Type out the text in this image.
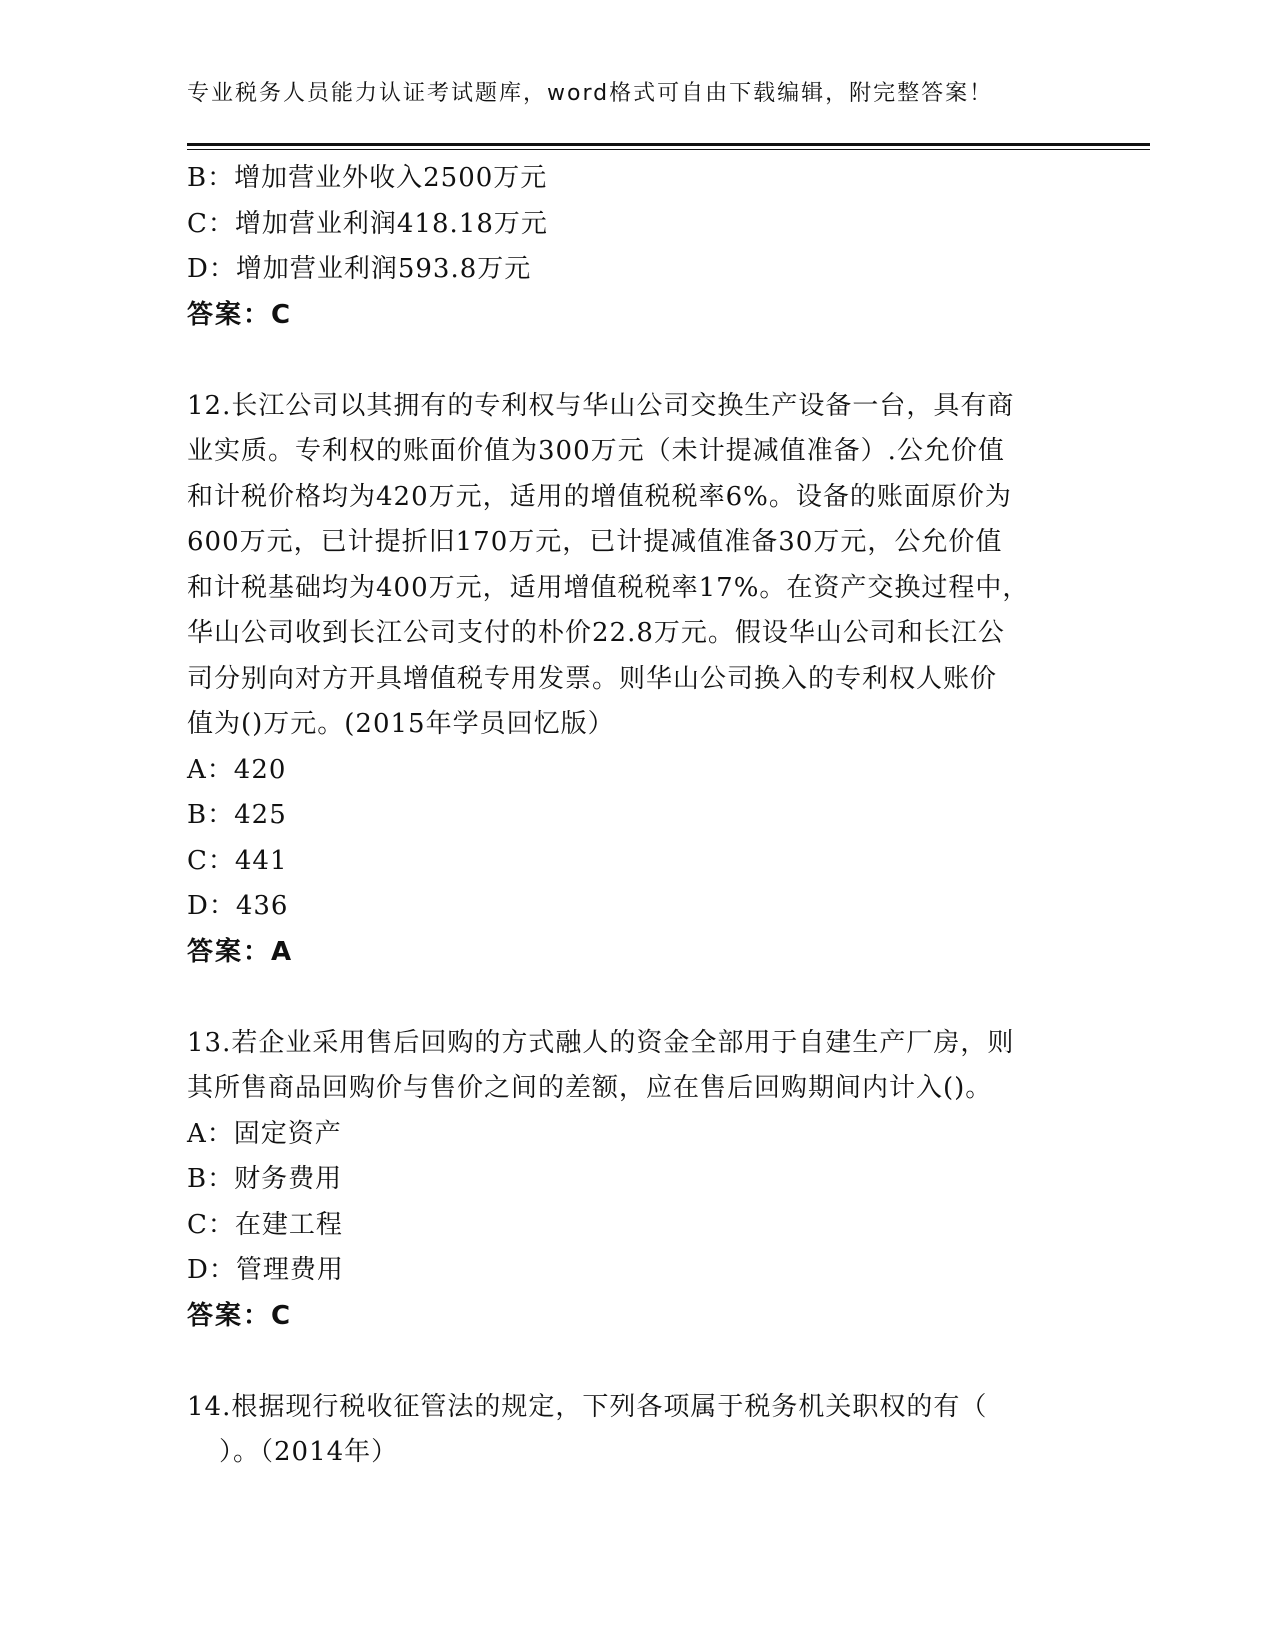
专业税务人员能力认证考试题库，word格式可自由下载编辑，附完整答案！
B：增加营业外收入2500万元
C：增加营业利润418.18万元
D：增加营业利润593.8万元
答案：C
12.长江公司以其拥有的专利权与华山公司交换生产设备一台，具有商
业实质。专利权的账面价值为300万元（未计提减值准备）.公允价值
和计税价格均为420万元，适用的增值税税率6%。设备的账面原价为
600万元，已计提折旧170万元，已计提减值准备30万元，公允价值
和计税基础均为400万元，适用增值税税率17%。在资产交换过程中，
华山公司收到长江公司支付的朴价22.8万元。假设华山公司和长江公
司分别向对方开具增值税专用发票。则华山公司换入的专利权人账价
值为()万元。(2015年学员回忆版）
A：420
B：425
C：441
D：436
答案：A
13.若企业采用售后回购的方式融人的资金全部用于自建生产厂房，则
其所售商品回购价与售价之间的差额，应在售后回购期间内计入()。
A：固定资产
B：财务费用
C：在建工程
D：管理费用
答案：C
14.根据现行税收征管法的规定，下列各项属于税务机关职权的有（
）。（2014年）
